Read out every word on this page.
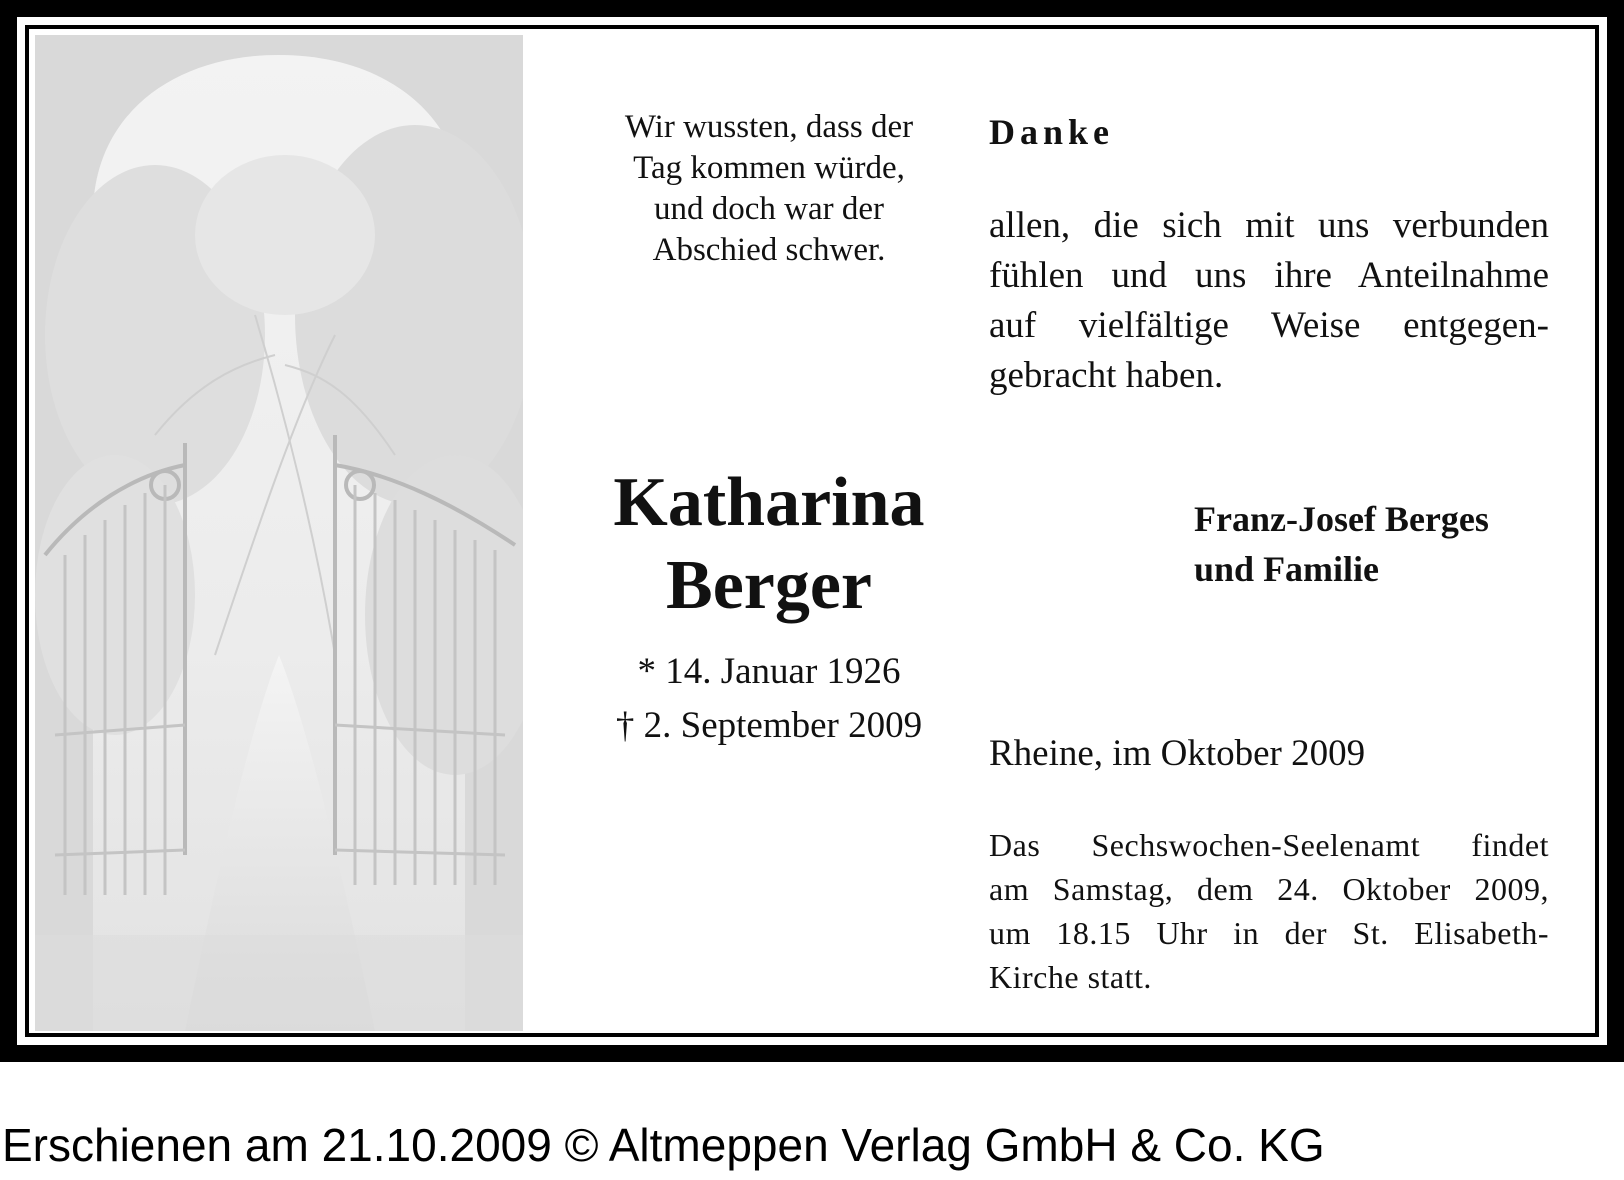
Wir wussten, dass der
Tag kommen würde,
und doch war der
Abschied schwer.
Katharina
Berger
* 14. Januar 1926
† 2. September 2009
Danke
allen, die sich mit uns verbunden
fühlen und uns ihre Anteilnahme
auf vielfältige Weise entgegen-
gebracht haben.
Franz-Josef Berges
und Familie
Rheine, im Oktober 2009
Das Sechswochen-Seelenamt findet
am Samstag, dem 24. Oktober 2009,
um 18.15 Uhr in der St. Elisabeth-
Kirche statt.
Erschienen am 21.10.2009 © Altmeppen Verlag GmbH & Co. KG
